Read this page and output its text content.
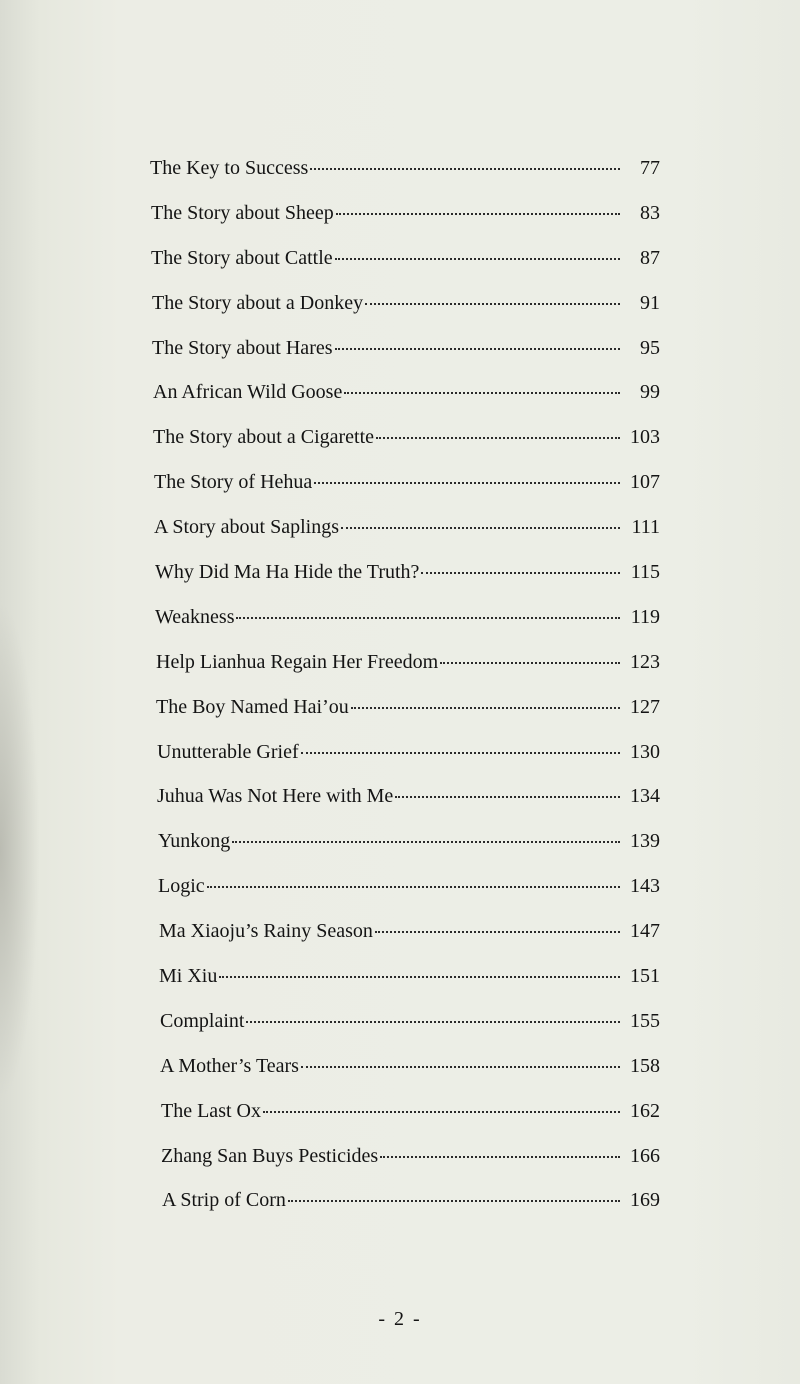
The Key to Success	77
The Story about Sheep	83
The Story about Cattle	87
The Story about a Donkey	91
The Story about Hares	95
An African Wild Goose	99
The Story about a Cigarette	103
The Story of Hehua	107
A Story about Saplings	111
Why Did Ma Ha Hide the Truth?	115
Weakness	119
Help Lianhua Regain Her Freedom	123
The Boy Named Hai’ou	127
Unutterable Grief	130
Juhua Was Not Here with Me	134
Yunkong	139
Logic	143
Ma Xiaoju’s Rainy Season	147
Mi Xiu	151
Complaint	155
A Mother’s Tears	158
The Last Ox	162
Zhang San Buys Pesticides	166
A Strip of Corn	169
- 2 -
